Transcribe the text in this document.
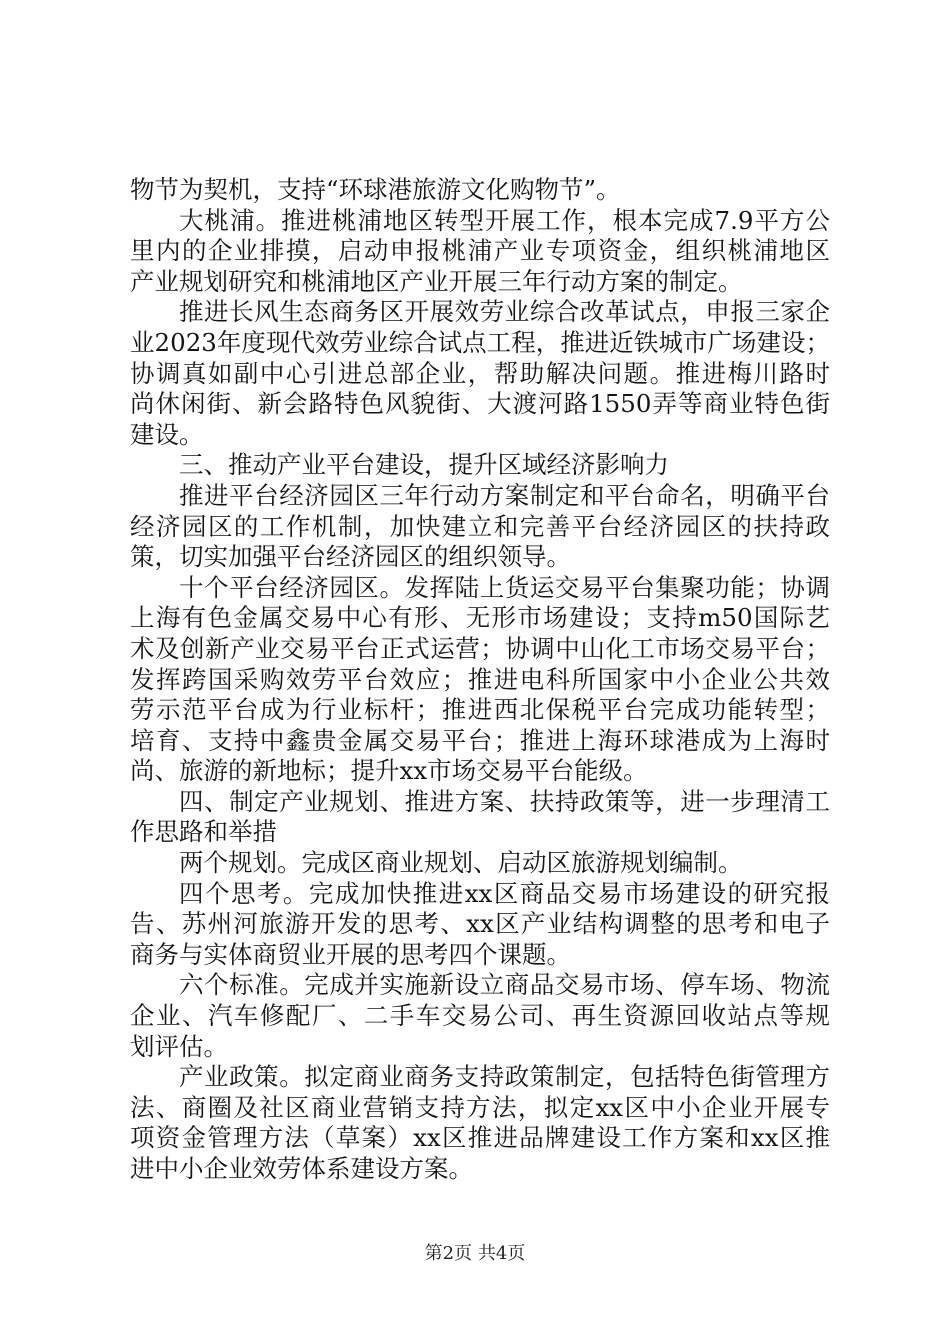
物节为契机，支持“环球港旅游文化购物节”。
大桃浦。推进桃浦地区转型开展工作，根本完成7.9平方公
里内的企业排摸，启动申报桃浦产业专项资金，组织桃浦地区
产业规划研究和桃浦地区产业开展三年行动方案的制定。
推进长风生态商务区开展效劳业综合改革试点，申报三家企
业2023年度现代效劳业综合试点工程，推进近铁城市广场建设；
协调真如副中心引进总部企业，帮助解决问题。推进梅川路时
尚休闲街、新会路特色风貌街、大渡河路1550弄等商业特色街
建设。
三、推动产业平台建设，提升区域经济影响力
推进平台经济园区三年行动方案制定和平台命名，明确平台
经济园区的工作机制，加快建立和完善平台经济园区的扶持政
策，切实加强平台经济园区的组织领导。
十个平台经济园区。发挥陆上货运交易平台集聚功能；协调
上海有色金属交易中心有形、无形市场建设；支持m50国际艺
术及创新产业交易平台正式运营；协调中山化工市场交易平台；
发挥跨国采购效劳平台效应；推进电科所国家中小企业公共效
劳示范平台成为行业标杆；推进西北保税平台完成功能转型；
培育、支持中鑫贵金属交易平台；推进上海环球港成为上海时
尚、旅游的新地标；提升xx市场交易平台能级。
四、制定产业规划、推进方案、扶持政策等，进一步理清工
作思路和举措
两个规划。完成区商业规划、启动区旅游规划编制。
四个思考。完成加快推进xx区商品交易市场建设的研究报
告、苏州河旅游开发的思考、xx区产业结构调整的思考和电子
商务与实体商贸业开展的思考四个课题。
六个标准。完成并实施新设立商品交易市场、停车场、物流
企业、汽车修配厂、二手车交易公司、再生资源回收站点等规
划评估。
产业政策。拟定商业商务支持政策制定，包括特色街管理方
法、商圈及社区商业营销支持方法，拟定xx区中小企业开展专
项资金管理方法（草案）xx区推进品牌建设工作方案和xx区推
进中小企业效劳体系建设方案。
第2页 共4页
